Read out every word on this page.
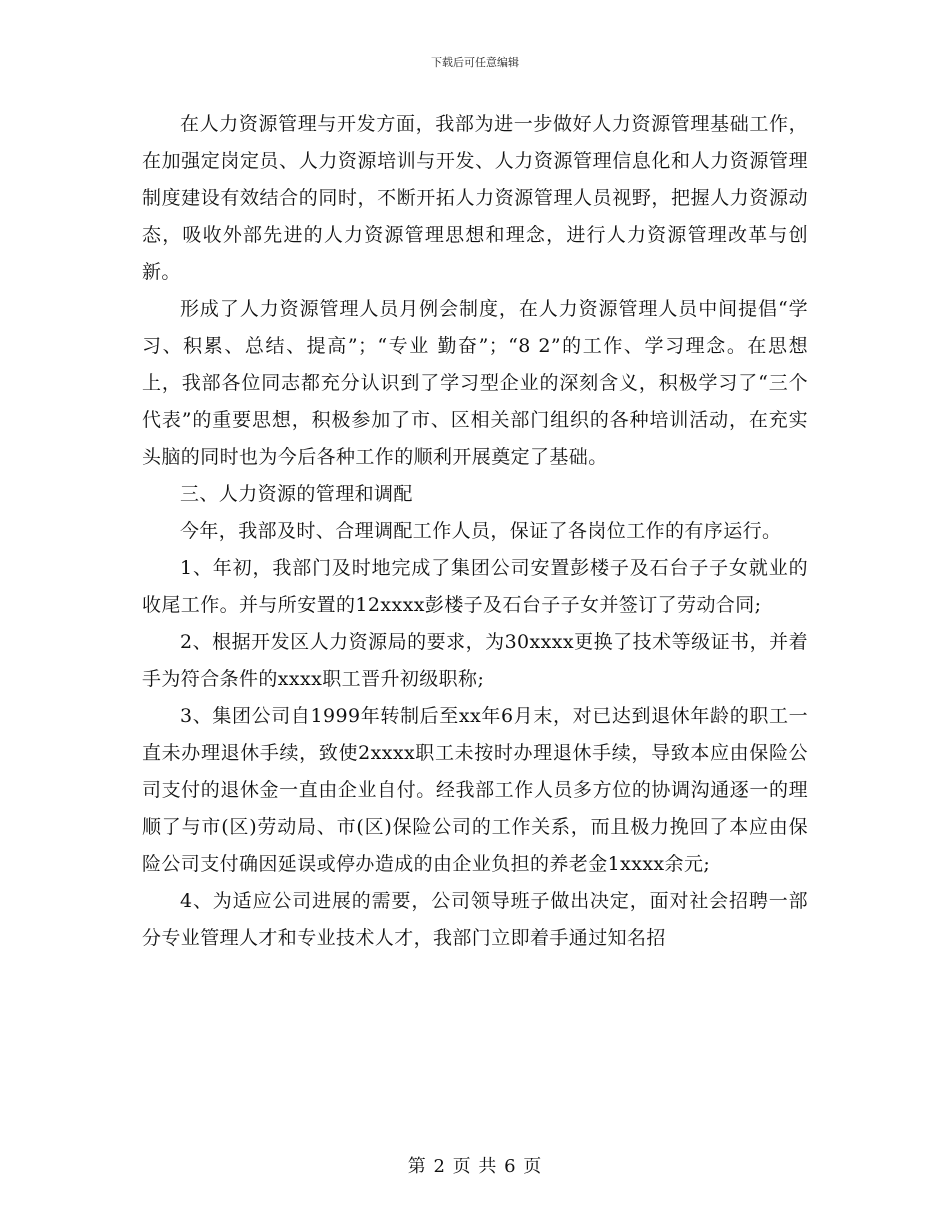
下载后可任意编辑

在人力资源管理与开发方面，我部为进一步做好人力资源管理基础工作，在加强定岗定员、人力资源培训与开发、人力资源管理信息化和人力资源管理制度建设有效结合的同时，不断开拓人力资源管理人员视野，把握人力资源动态，吸收外部先进的人力资源管理思想和理念，进行人力资源管理改革与创新。

形成了人力资源管理人员月例会制度，在人力资源管理人员中间提倡“学习、积累、总结、提高”；“专业 勤奋”；“8 2”的工作、学习理念。在思想上，我部各位同志都充分认识到了学习型企业的深刻含义，积极学习了“三个代表”的重要思想，积极参加了市、区相关部门组织的各种培训活动，在充实头脑的同时也为今后各种工作的顺利开展奠定了基础。

三、人力资源的管理和调配

今年，我部及时、合理调配工作人员，保证了各岗位工作的有序运行。

1、年初，我部门及时地完成了集团公司安置彭楼子及石台子子女就业的收尾工作。并与所安置的12xxxx彭楼子及石台子子女并签订了劳动合同;

2、根据开发区人力资源局的要求，为30xxxx更换了技术等级证书，并着手为符合条件的xxxx职工晋升初级职称;

3、集团公司自1999年转制后至xx年6月末，对已达到退休年龄的职工一直未办理退休手续，致使2xxxx职工未按时办理退休手续，导致本应由保险公司支付的退休金一直由企业自付。经我部工作人员多方位的协调沟通逐一的理顺了与市(区)劳动局、市(区)保险公司的工作关系，而且极力挽回了本应由保险公司支付确因延误或停办造成的由企业负担的养老金1xxxx余元;

4、为适应公司进展的需要，公司领导班子做出决定，面对社会招聘一部分专业管理人才和专业技术人才，我部门立即着手通过知名招

第 2 页 共 6 页
